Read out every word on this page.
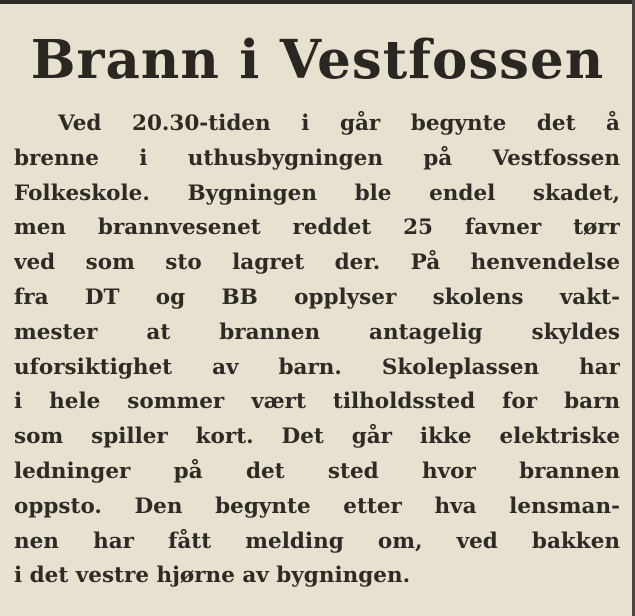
Brann i Vestfossen
Ved 20.30-tiden i går begynte det å
brenne i uthusbygningen på Vestfossen
Folkeskole. Bygningen ble endel skadet,
men brannvesenet reddet 25 favner tørr
ved som sto lagret der. På henvendelse
fra DT og BB opplyser skolens vakt-
mester at brannen antagelig skyldes
uforsiktighet av barn. Skoleplassen har
i hele sommer vært tilholdssted for barn
som spiller kort. Det går ikke elektriske
ledninger på det sted hvor brannen
oppsto. Den begynte etter hva lensman-
nen har fått melding om, ved bakken
i det vestre hjørne av bygningen.
